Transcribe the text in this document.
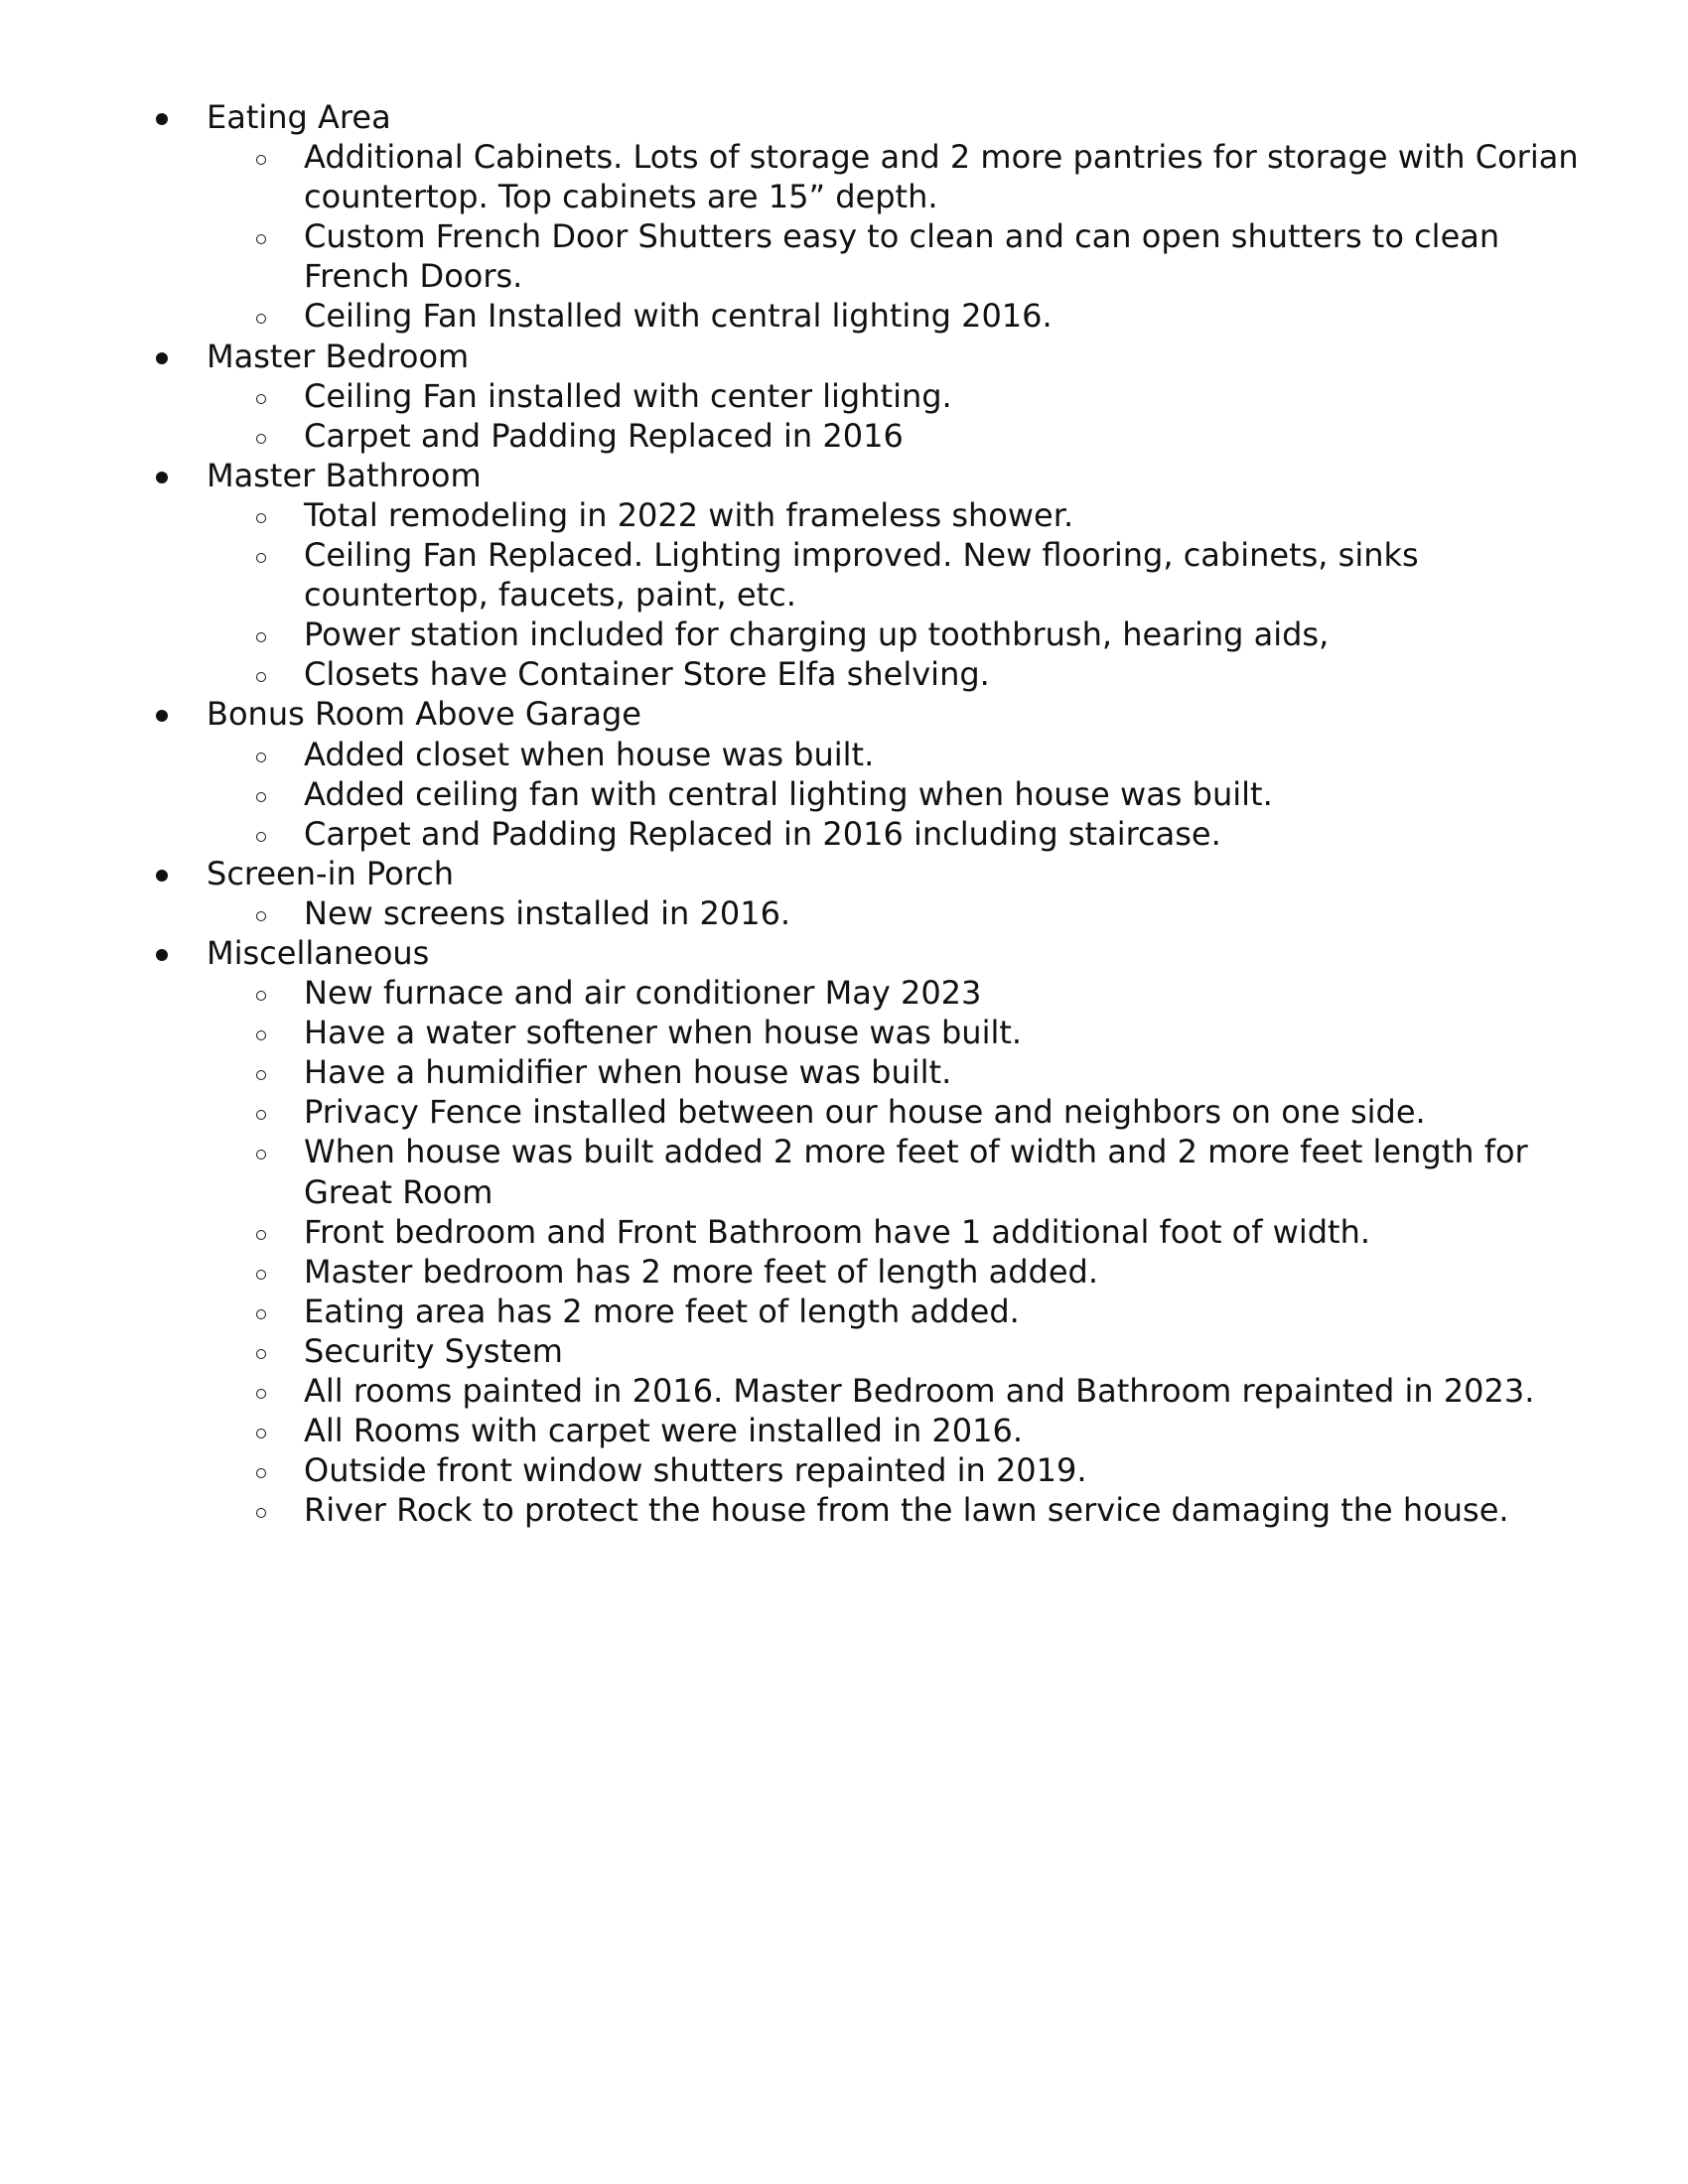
Eating Area
Additional Cabinets. Lots of storage and 2 more pantries for storage with Corian countertop. Top cabinets are 15” depth.
Custom French Door Shutters easy to clean and can open shutters to clean French Doors.
Ceiling Fan Installed with central lighting 2016.
Master Bedroom
Ceiling Fan installed with center lighting.
Carpet and Padding Replaced in 2016
Master Bathroom
Total remodeling in 2022 with frameless shower.
Ceiling Fan Replaced. Lighting improved. New flooring, cabinets, sinks countertop, faucets, paint, etc.
Power station included for charging up toothbrush, hearing aids,
Closets have Container Store Elfa shelving.
Bonus Room Above Garage
Added closet when house was built.
Added ceiling fan with central lighting when house was built.
Carpet and Padding Replaced in 2016 including staircase.
Screen-in Porch
New screens installed in 2016.
Miscellaneous
New furnace and air conditioner May 2023
Have a water softener when house was built.
Have a humidifier when house was built.
Privacy Fence installed between our house and neighbors on one side.
When house was built added 2 more feet of width and 2 more feet length for Great Room
Front bedroom and Front Bathroom have 1 additional foot of width.
Master bedroom has 2 more feet of length added.
Eating area has 2 more feet of length added.
Security System
All rooms painted in 2016. Master Bedroom and Bathroom repainted in 2023.
All Rooms with carpet were installed in 2016.
Outside front window shutters repainted in 2019.
River Rock to protect the house from the lawn service damaging the house.
